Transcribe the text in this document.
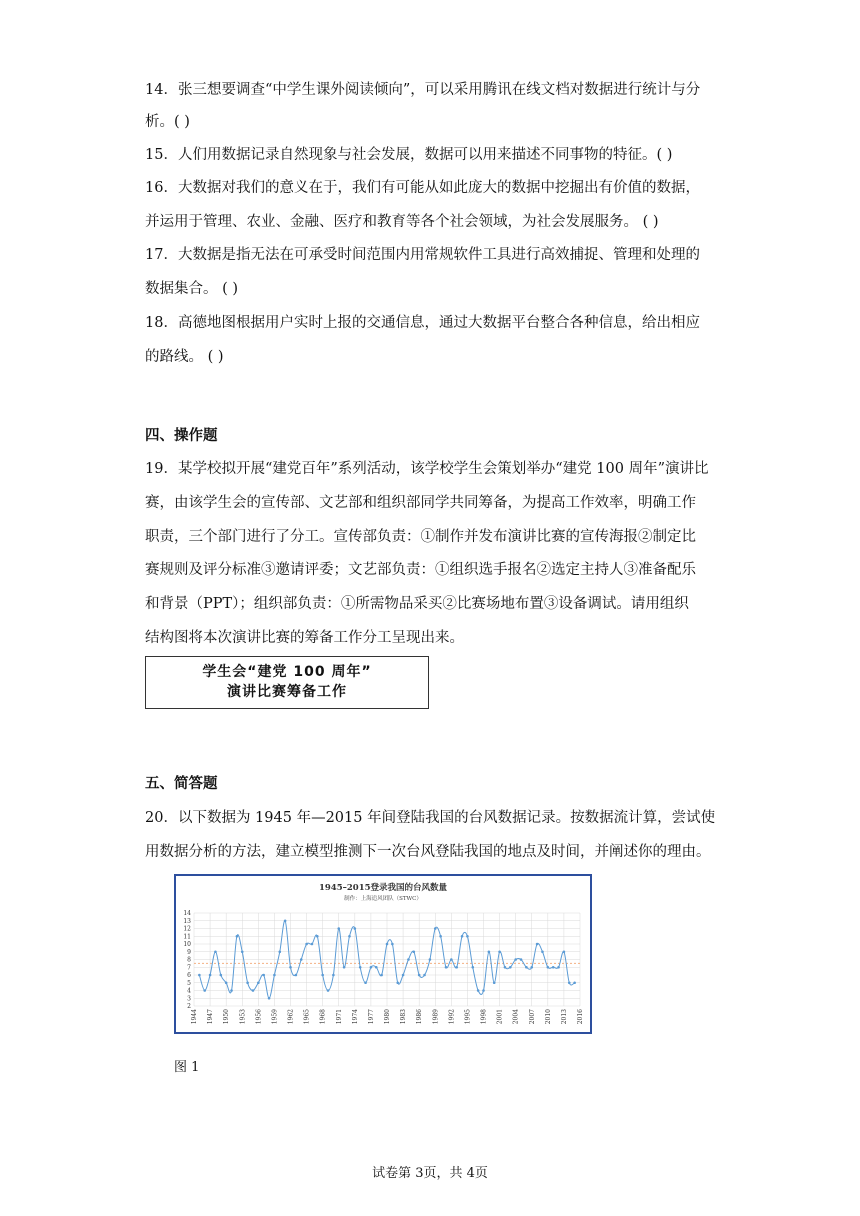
14．张三想要调查“中学生课外阅读倾向”，可以采用腾讯在线文档对数据进行统计与分
析。( )
15．人们用数据记录自然现象与社会发展，数据可以用来描述不同事物的特征。( )
16．大数据对我们的意义在于，我们有可能从如此庞大的数据中挖掘出有价值的数据，
并运用于管理、农业、金融、医疗和教育等各个社会领域，为社会发展服务。 ( )
17．大数据是指无法在可承受时间范围内用常规软件工具进行高效捕捉、管理和处理的
数据集合。 ( )
18．高德地图根据用户实时上报的交通信息，通过大数据平台整合各种信息，给出相应
的路线。 ( )
四、操作题
19．某学校拟开展“建党百年”系列活动，该学校学生会策划举办“建党 100 周年”演讲比
赛，由该学生会的宣传部、文艺部和组织部同学共同筹备，为提高工作效率，明确工作
职责，三个部门进行了分工。宣传部负责：①制作并发布演讲比赛的宣传海报②制定比
赛规则及评分标准③邀请评委；文艺部负责：①组织选手报名②选定主持人③准备配乐
和背景（PPT）；组织部负责：①所需物品采买②比赛场地布置③设备调试。请用组织
结构图将本次演讲比赛的筹备工作分工呈现出来。
学生会“建党 100 周年”
演讲比赛筹备工作
五、简答题
20．以下数据为 1945 年—2015 年间登陆我国的台风数据记录。按数据流计算，尝试使
用数据分析的方法，建立模型推测下一次台风登陆我国的地点及时间，并阐述你的理由。
1945–2015登录我国的台风数量
制作：上海追风团队（STWC）
14
13
12
11
10
9
8
7
6
5
4
3
2
1944 1947 1950 1953 1956 1959 1962 1965 1968 1971 1974 1977 1980 1983 1986 1989 1992 1995 1998 2001 2004 2007 2010 2013 2016
图 1
试卷第 3页，共 4页
